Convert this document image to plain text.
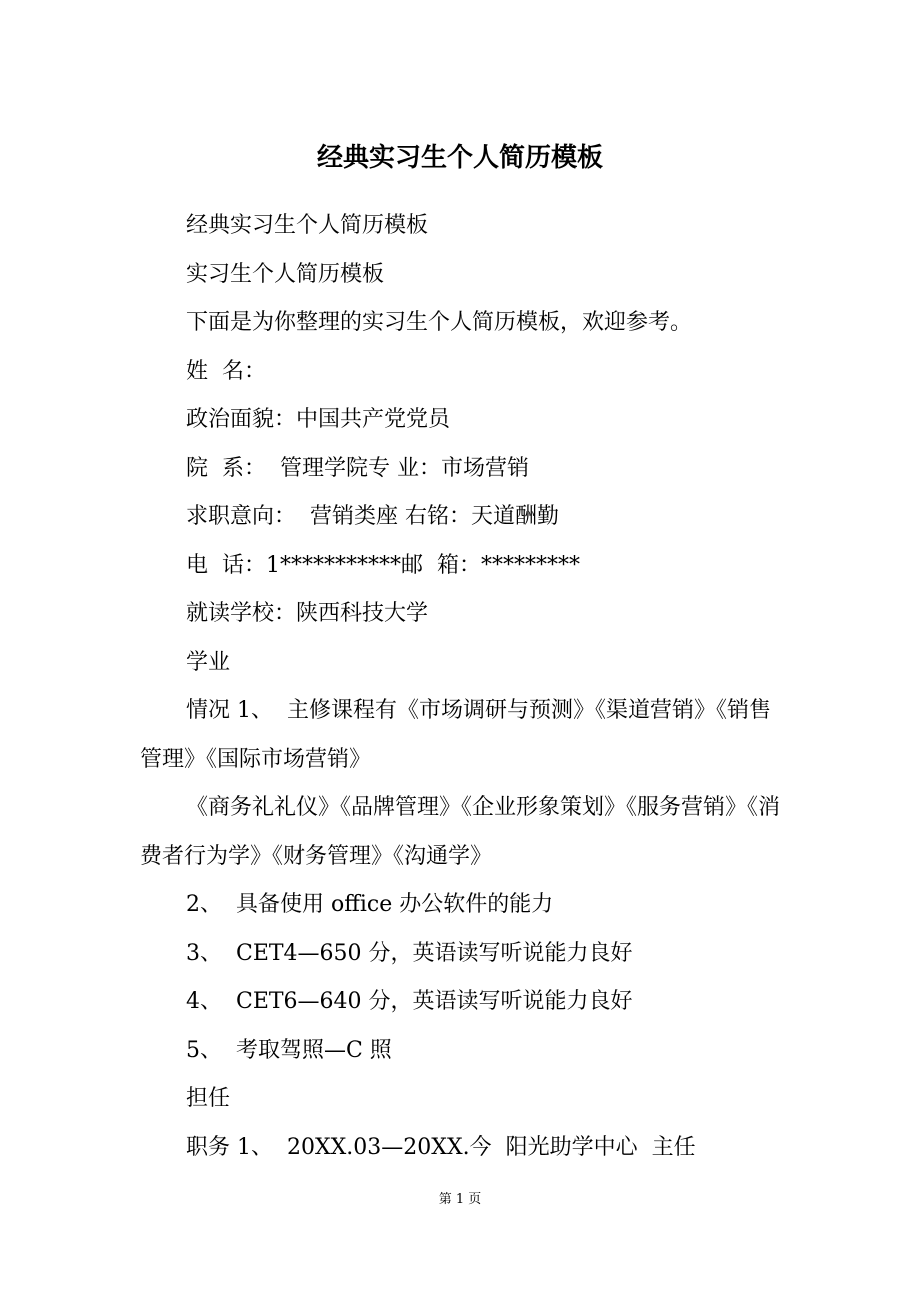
经典实习生个人简历模板

经典实习生个人简历模板

实习生个人简历模板

下面是为你整理的实习生个人简历模板，欢迎参考。

姓  名：

政治面貌：中国共产党党员

院  系：  管理学院专 业：市场营销

求职意向：  营销类座 右铭：天道酬勤

电  话：1***********邮  箱：*********

就读学校：陕西科技大学

学业

情况 1、  主修课程有《市场调研与预测》《渠道营销》《销售管理》《国际市场营销》

《商务礼礼仪》《品牌管理》《企业形象策划》《服务营销》《消费者行为学》《财务管理》《沟通学》

2、  具备使用 office 办公软件的能力

3、  CET4—650 分，英语读写听说能力良好

4、  CET6—640 分，英语读写听说能力良好

5、  考取驾照—C 照

担任

职务 1、  20XX.03—20XX.今  阳光助学中心  主任

第 1 页
